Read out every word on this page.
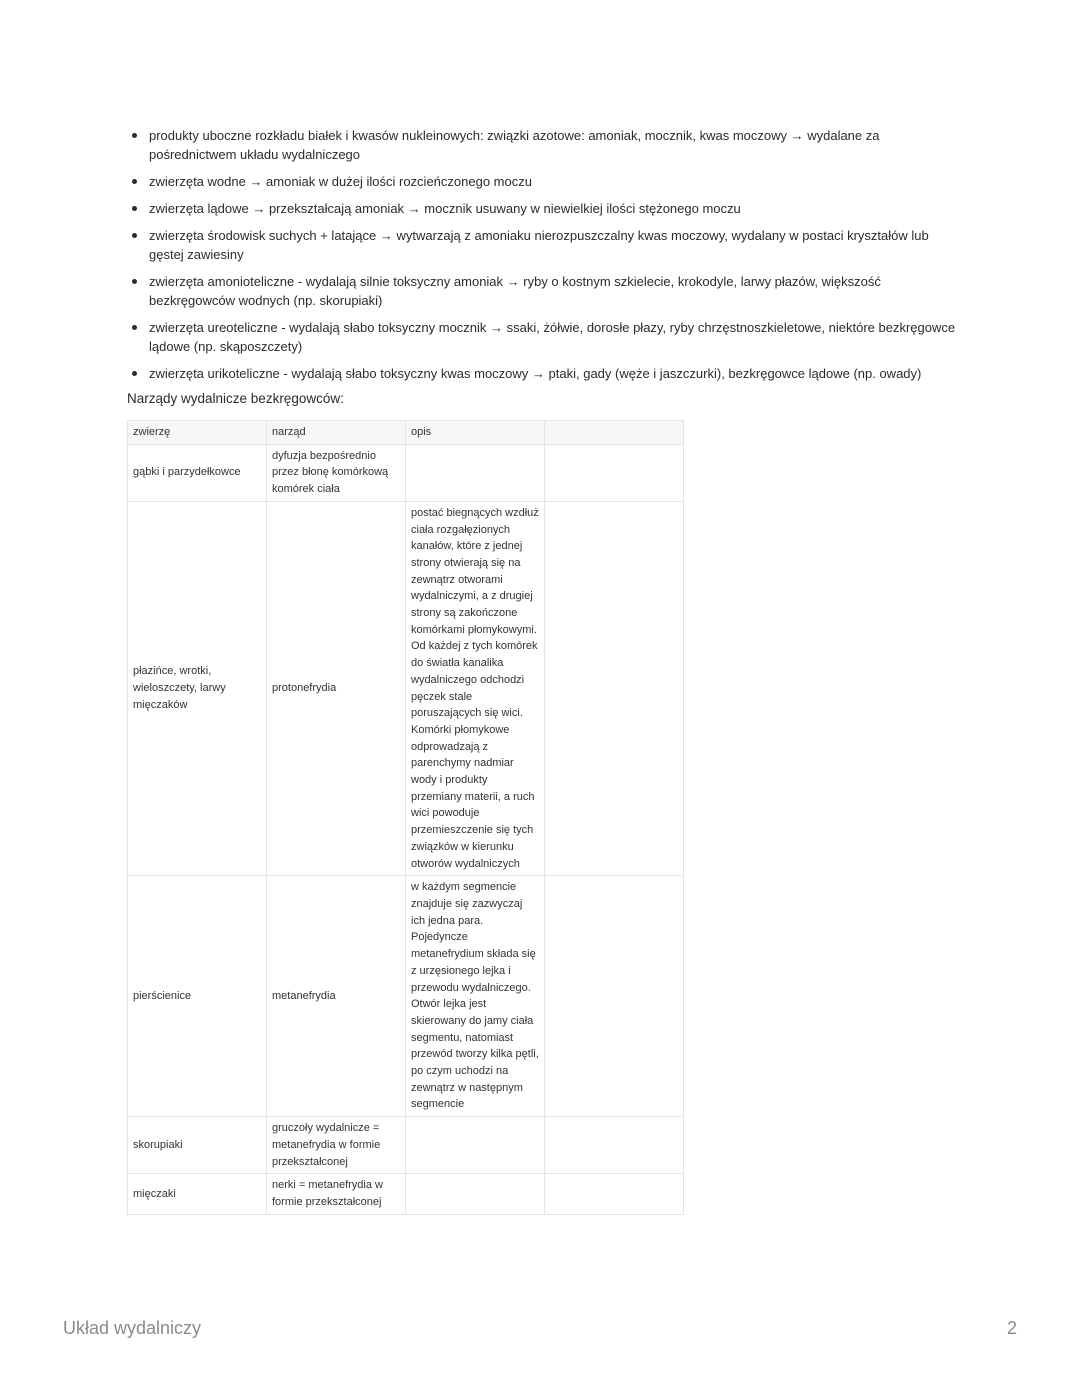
produkty uboczne rozkładu białek i kwasów nukleinowych: związki azotowe: amoniak, mocznik, kwas moczowy → wydalane za pośrednictwem układu wydalniczego
zwierzęta wodne → amoniak w dużej ilości rozcieńczonego moczu
zwierzęta lądowe → przekształcają amoniak → mocznik usuwany w niewielkiej ilości stężonego moczu
zwierzęta środowisk suchych + latające → wytwarzają z amoniaku nierozpuszczalny kwas moczowy, wydalany w postaci kryształów lub gęstej zawiesiny
zwierzęta amonioteliczne - wydalają silnie toksyczny amoniak → ryby o kostnym szkielecie, krokodyle, larwy płazów, większość bezkręgowców wodnych (np. skorupiaki)
zwierzęta ureoteliczne - wydalają słabo toksyczny mocznik → ssaki, żółwie, dorosłe płazy, ryby chrzęstnoszkieletowe, niektóre bezkręgowce lądowe (np. skąposzczety)
zwierzęta urikoteliczne - wydalają słabo toksyczny kwas moczowy → ptaki, gady (węże i jaszczurki), bezkręgowce lądowe (np. owady)
Narządy wydalnicze bezkręgowców:
zwierzę	narząd	opis	
gąbki i parzydełkowce	dyfuzja bezpośrednio przez błonę komórkową komórek ciała		
płazińce, wrotki, wieloszczety, larwy mięczaków	protonefrydia	postać biegnących wzdłuż ciała rozgałęzionych kanałów, które z jednej strony otwierają się na zewnątrz otworami wydalniczymi, a z drugiej strony są zakończone komórkami płomykowymi. Od każdej z tych komórek do światła kanalika wydalniczego odchodzi pęczek stale poruszających się wici. Komórki płomykowe odprowadzają z parenchymy nadmiar wody i produkty przemiany materii, a ruch wici powoduje przemieszczenie się tych związków w kierunku otworów wydalniczych	
pierścienice	metanefrydia	w każdym segmencie znajduje się zazwyczaj ich jedna para. Pojedyncze metanefrydium składa się z urzęsionego lejka i przewodu wydalniczego. Otwór lejka jest skierowany do jamy ciała segmentu, natomiast przewód tworzy kilka pętli, po czym uchodzi na zewnątrz w następnym segmencie	
skorupiaki	gruczoły wydalnicze = metanefrydia w formie przekształconej		
mięczaki	nerki = metanefrydia w formie przekształconej		
Układ wydalniczy	2
